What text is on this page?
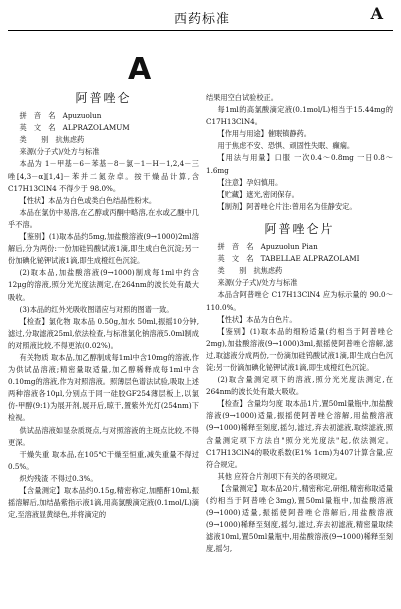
西药标准	A
A
阿普唑仑

拼　音　名　Apuzuolun

英　文　名　ALPRAZOLAMUM

类　　别　抗焦虑药

来源(分子式)/处方与标准

本品为 1－甲基－6－苯基－8－氯－1－H－1,2,4－三唑[4,3－α][1,4]－苯并二氮杂卓。按干燥品计算,含 C17H13ClN4 不得少于 98.0%。

【性状】本品为白色或类白色结晶性粉末。

本品在氯仿中易溶,在乙醇或丙酮中略溶,在水或乙醚中几乎不溶。

【鉴别】(1)取本品约5mg,加盐酸溶液(9→1000)2ml溶解后,分为两份:一份加硅钨酸试液1滴,即生成白色沉淀;另一份加碘化铋钾试液1滴,即生成橙红色沉淀。

(2)取本品,加盐酸溶液(9→1000)制成每1ml中约含12μg的溶液,照分光光度法测定,在264nm的波长处有最大吸收。

(3)本品的红外光吸收图谱应与对照的图谱一致。

【检查】氯化物 取本品 0.50g,加水 50ml,振摇10分钟,滤过,分取滤液25ml,依法检查,与标准氯化钠溶液5.0ml制成的对照液比较,不得更浓(0.02%)。

有关物质 取本品,加乙醇制成每1ml中含10mg的溶液,作为供试品溶液;精密量取适量,加乙醇稀释成每1ml中含0.10mg的溶液,作为对照溶液。照薄层色谱法试验,吸取上述两种溶液各10μl,分别点于同一硅胶GF254薄层板上,以氯仿-甲醇(9:1)为展开剂,展开后,晾干,置紫外光灯(254nm)下检视。

供试品溶液如显杂质斑点,与对照溶液的主斑点比较,不得更深。

干燥失重 取本品,在105℃干燥至恒重,减失重量不得过0.5%。

炽灼残渣 不得过0.3%。

【含量测定】取本品约0.15g,精密称定,加醋酐10ml,振摇溶解后,加结晶紫指示液1滴,用高氯酸滴定液(0.1mol/L)滴定,至溶液显黄绿色,并将滴定的

结果用空白试验校正。

每1ml的高氯酸滴定液(0.1mol/L)相当于15.44mg的C17H13ClN4。

【作用与用途】催眠镇静药。

用于焦虑不安、恐惧、顽固性失眠、癫痫。

【用法与用量】口服 一次0.4～0.8mg 一日0.8～1.6mg

【注意】孕妇慎用。

【贮藏】遮光,密闭保存。

【制剂】阿普唑仑片注:曾用名为佳静安定。

阿普唑仑片

拼　音　名　Apuzuolun Pian

英　文　名　TABELLAE ALPRAZOLAMI

类　　别　抗焦虑药

来源(分子式)/处方与标准

本品含阿普唑仑 C17H13ClN4 应为标示量的 90.0～110.0%。

【性状】本品为白色片。

【鉴别】(1)取本品的细粉适量(约相当于阿普唑仑2mg),加盐酸溶液(9→1000)3ml,振摇使阿普唑仑溶解,滤过,取滤液分成两份,一份滴加硅钨酸试液1滴,即生成白色沉淀;另一份滴加碘化铋钾试液1滴,即生成橙红色沉淀。

(2)取含量测定项下的溶液,照分光光度法测定,在264nm的波长处有最大吸收。

【检查】含量均匀度 取本品1片,置50ml量瓶中,加盐酸溶液(9→1000)适量,振摇使阿普唑仑溶解,用盐酸溶液(9→1000)稀释至刻度,摇匀,滤过,弃去初滤液,取续滤液,照含量测定项下方法自"照分光光度法"起,依法测定。C17H13ClN4的吸收系数(E1% 1cm)为407计算含量,应符合规定。

其他 应符合片剂项下有关的各项规定。

【含量测定】取本品20片,精密称定,研细,精密称取适量(约相当于阿普唑仑3mg),置50ml量瓶中,加盐酸溶液(9→1000)适量,振摇使阿普唑仑溶解后,用盐酸溶液(9→1000)稀释至刻度,摇匀,滤过,弃去初滤液,精密量取续滤液10ml,置50ml量瓶中,用盐酸溶液(9→1000)稀释至刻度,摇匀,
